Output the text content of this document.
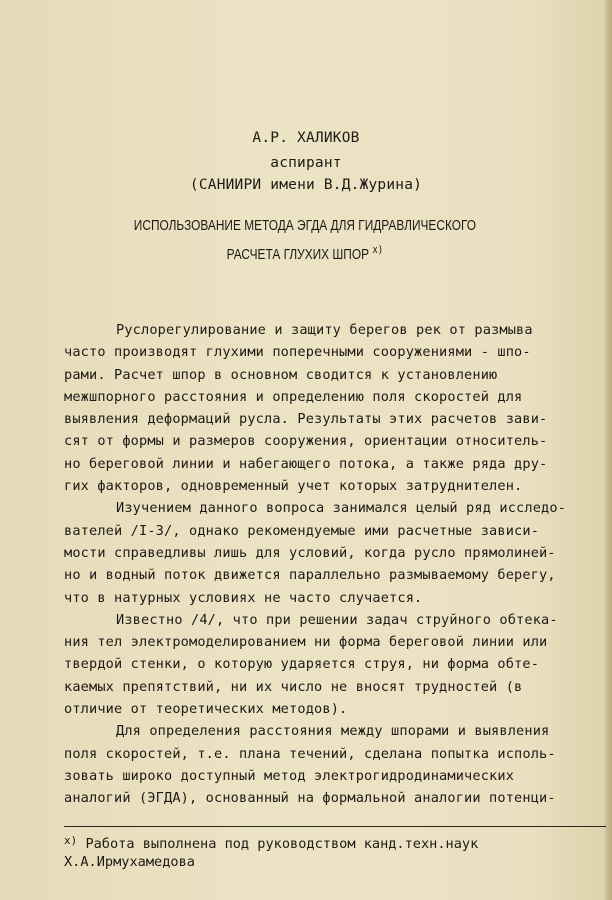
А.Р. ХАЛИКОВ
аспирант
(САНИИРИ имени В.Д.Журина)
ИСПОЛЬЗОВАНИЕ МЕТОДА ЭГДА ДЛЯ ГИДРАВЛИЧЕСКОГО
РАСЧЕТА ГЛУХИХ ШПОР $^{х)}$
Руслорегулирование и защиту берегов рек от размыва
часто производят глухими поперечными сооружениями - шпо-
рами. Расчет шпор в основном сводится к установлению
межшпорного расстояния и определению поля скоростей для
выявления деформаций русла. Результаты этих расчетов зави-
сят от формы и размеров сооружения, ориентации относитель-
но береговой линии и набегающего потока, а также ряда дру-
гих факторов, одновременный учет которых затруднителен.
Изучением данного вопроса занимался целый ряд исследо-
вателей /I-3/, однако рекомендуемые ими расчетные зависи-
мости справедливы лишь для условий, когда русло прямолиней-
но и водный поток движется параллельно размываемому берегу,
что в натурных условиях не часто случается.
Известно /4/, что при решении задач струйного обтека-
ния тел электромоделированием ни форма береговой линии или
твердой стенки, о которую ударяется струя, ни форма обте-
каемых препятствий, ни их число не вносят трудностей (в
отличие от теоретических методов).
Для определения расстояния между шпорами и выявления
поля скоростей, т.е. плана течений, сделана попытка исполь-
зовать широко доступный метод электрогидродинамических
аналогий (ЭГДА), основанный на формальной аналогии потенци-
$^{х)}$ Работа выполнена под руководством канд.техн.наук
Х.А.Ирмухамедова
